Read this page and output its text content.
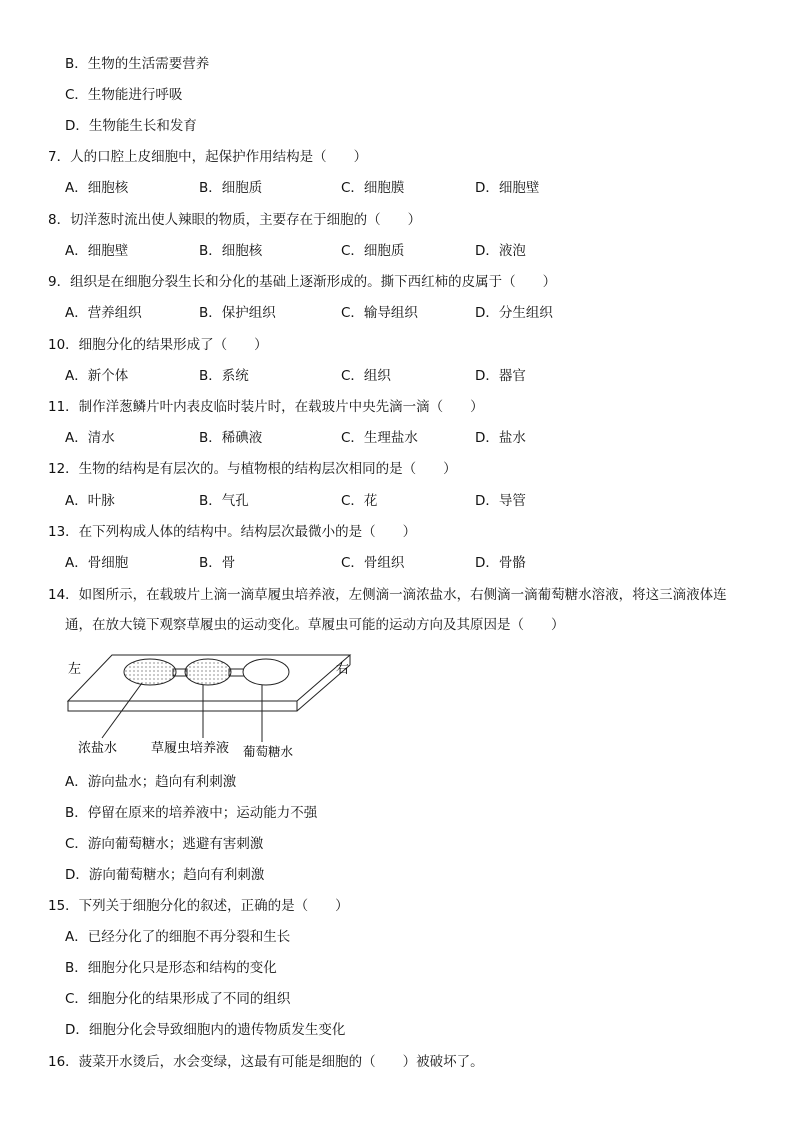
B．生物的生活需要营养
C．生物能进行呼吸
D．生物能生长和发育
7．人的口腔上皮细胞中，起保护作用结构是（　　）
A．细胞核	B．细胞质	C．细胞膜	D．细胞壁
8．切洋葱时流出使人辣眼的物质，主要存在于细胞的（　　）
A．细胞壁	B．细胞核	C．细胞质	D．液泡
9．组织是在细胞分裂生长和分化的基础上逐渐形成的。撕下西红柿的皮属于（　　）
A．营养组织	B．保护组织	C．输导组织	D．分生组织
10．细胞分化的结果形成了（　　）
A．新个体	B．系统	C．组织	D．器官
11．制作洋葱鳞片叶内表皮临时装片时，在载玻片中央先滴一滴（　　）
A．清水	B．稀碘液	C．生理盐水	D．盐水
12．生物的结构是有层次的。与植物根的结构层次相同的是（　　）
A．叶脉	B．气孔	C．花	D．导管
13．在下列构成人体的结构中。结构层次最微小的是（　　）
A．骨细胞	B．骨	C．骨组织	D．骨骼
14．如图所示，在载玻片上滴一滴草履虫培养液，左侧滴一滴浓盐水，右侧滴一滴葡萄糖水溶液，将这三滴液体连
通，在放大镜下观察草履虫的运动变化。草履虫可能的运动方向及其原因是（　　）
左	右
浓盐水	草履虫培养液 葡萄糖水
A．游向盐水；趋向有利刺激
B．停留在原来的培养液中；运动能力不强
C．游向葡萄糖水；逃避有害刺激
D．游向葡萄糖水；趋向有利刺激
15．下列关于细胞分化的叙述，正确的是（　　）
A．已经分化了的细胞不再分裂和生长
B．细胞分化只是形态和结构的变化
C．细胞分化的结果形成了不同的组织
D．细胞分化会导致细胞内的遗传物质发生变化
16．菠菜开水烫后，水会变绿，这最有可能是细胞的（　　）被破坏了。
